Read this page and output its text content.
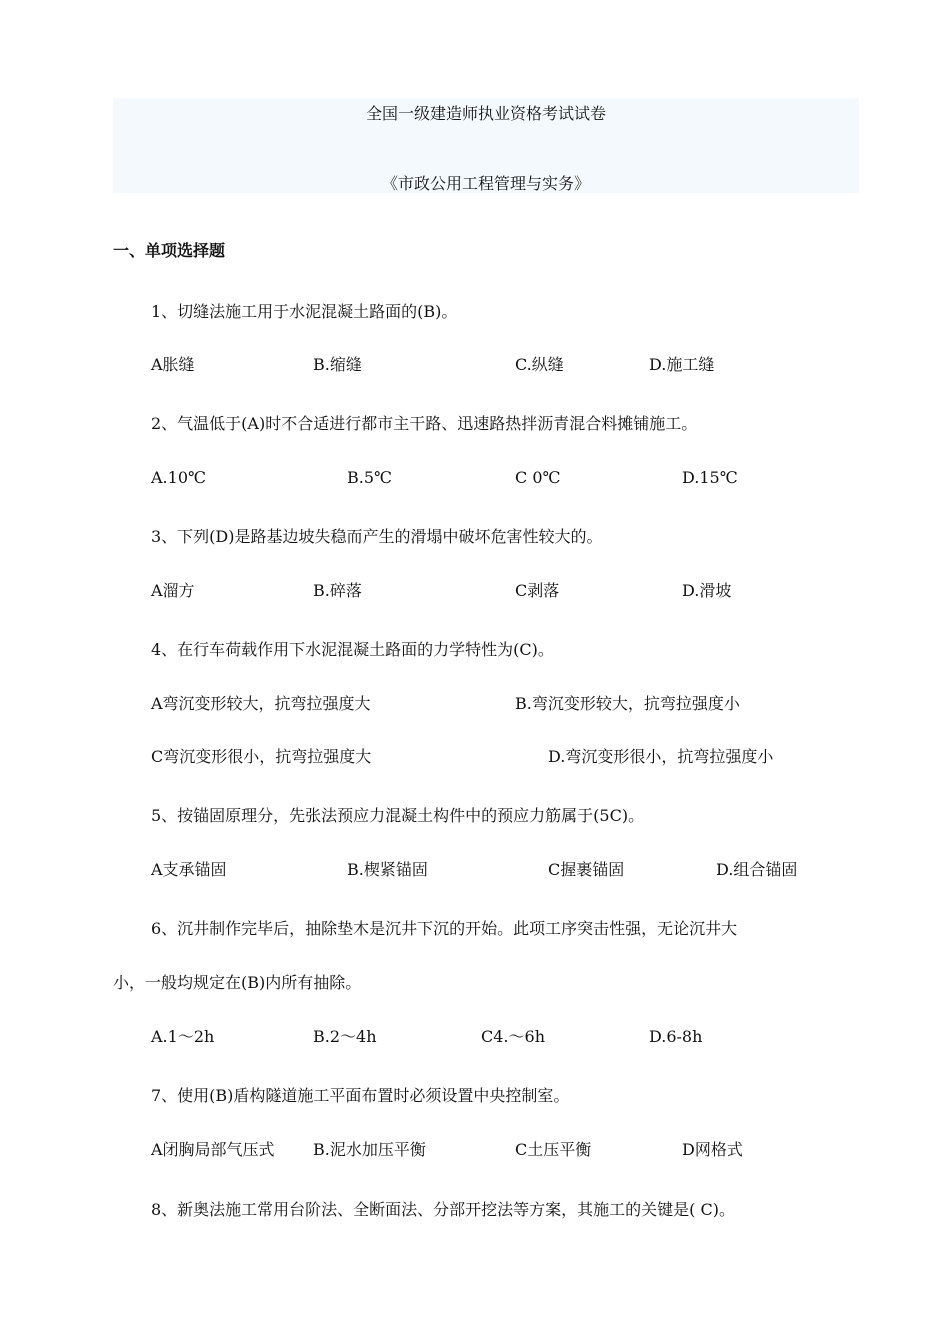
全国一级建造师执业资格考试试卷
《市政公用工程管理与实务》
一、单项选择题
1、切缝法施工用于水泥混凝土路面的(B)。
A胀缝	B.缩缝	C.纵缝	D.施工缝
2、气温低于(A)时不合适进行都市主干路、迅速路热拌沥青混合料摊铺施工。
A.10℃	B.5℃	C 0℃	D.15℃
3、下列(D)是路基边坡失稳而产生的滑塌中破坏危害性较大的。
A溜方	B.碎落	C剥落	D.滑坡
4、在行车荷载作用下水泥混凝土路面的力学特性为(C)。
A弯沉变形较大，抗弯拉强度大	B.弯沉变形较大，抗弯拉强度小
C弯沉变形很小，抗弯拉强度大	D.弯沉变形很小，抗弯拉强度小
5、按锚固原理分，先张法预应力混凝土构件中的预应力筋属于(5C)。
A支承锚固	B.楔紧锚固	C握裹锚固	D.组合锚固
6、沉井制作完毕后，抽除垫木是沉井下沉的开始。此项工序突击性强，无论沉井大
小，一般均规定在(B)内所有抽除。
A.1～2h	B.2～4h	C4.～6h	D.6-8h
7、使用(B)盾构隧道施工平面布置时必须设置中央控制室。
A闭胸局部气压式 B.泥水加压平衡	C土压平衡	D网格式
8、新奥法施工常用台阶法、全断面法、分部开挖法等方案，其施工的关键是( C)。
